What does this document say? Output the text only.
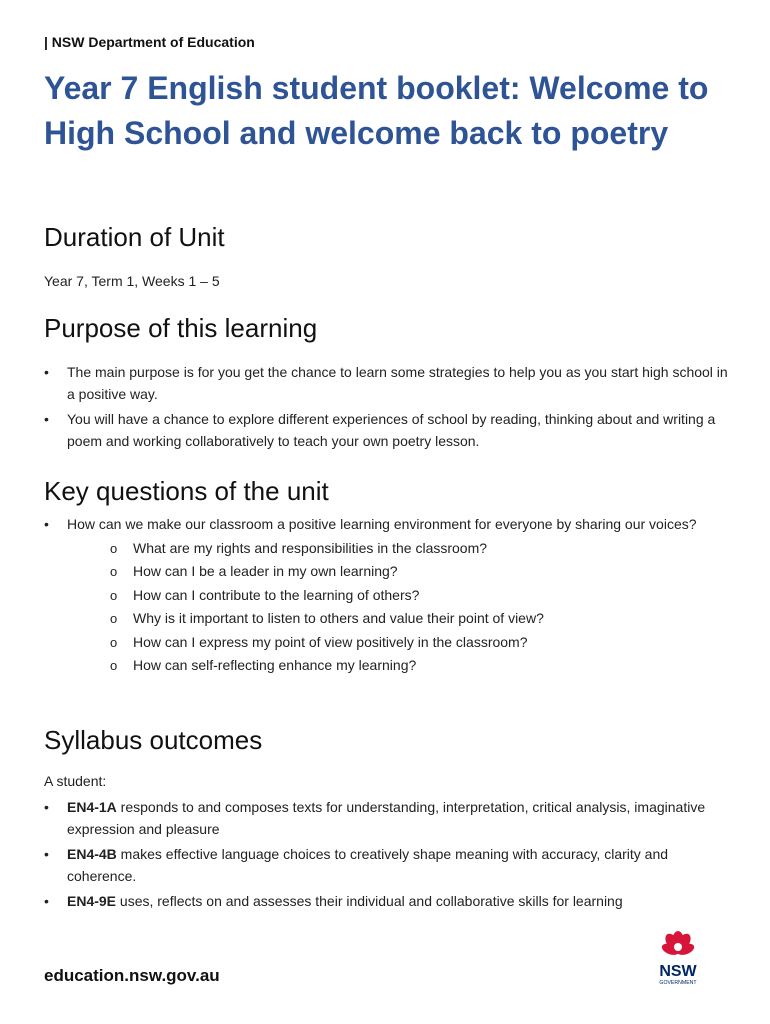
| NSW Department of Education
Year 7 English student booklet: Welcome to High School and welcome back to poetry
Duration of Unit

Year 7, Term 1, Weeks 1 – 5

Purpose of this learning
• The main purpose is for you get the chance to learn some strategies to help you as you start high school in a positive way.
• You will have a chance to explore different experiences of school by reading, thinking about and writing a poem and working collaboratively to teach your own poetry lesson.
Key questions of the unit
• How can we make our classroom a positive learning environment for everyone by sharing our voices?
o What are my rights and responsibilities in the classroom?
o How can I be a leader in my own learning?
o How can I contribute to the learning of others?
o Why is it important to listen to others and value their point of view?
o How can I express my point of view positively in the classroom?
o How can self-reflecting enhance my learning?
Syllabus outcomes

A student:

• EN4-1A responds to and composes texts for understanding, interpretation, critical analysis, imaginative expression and pleasure
• EN4-4B makes effective language choices to creatively shape meaning with accuracy, clarity and coherence.
• EN4-9E uses, reflects on and assesses their individual and collaborative skills for learning
education.nsw.gov.au	NSW
GOVERNMENT
